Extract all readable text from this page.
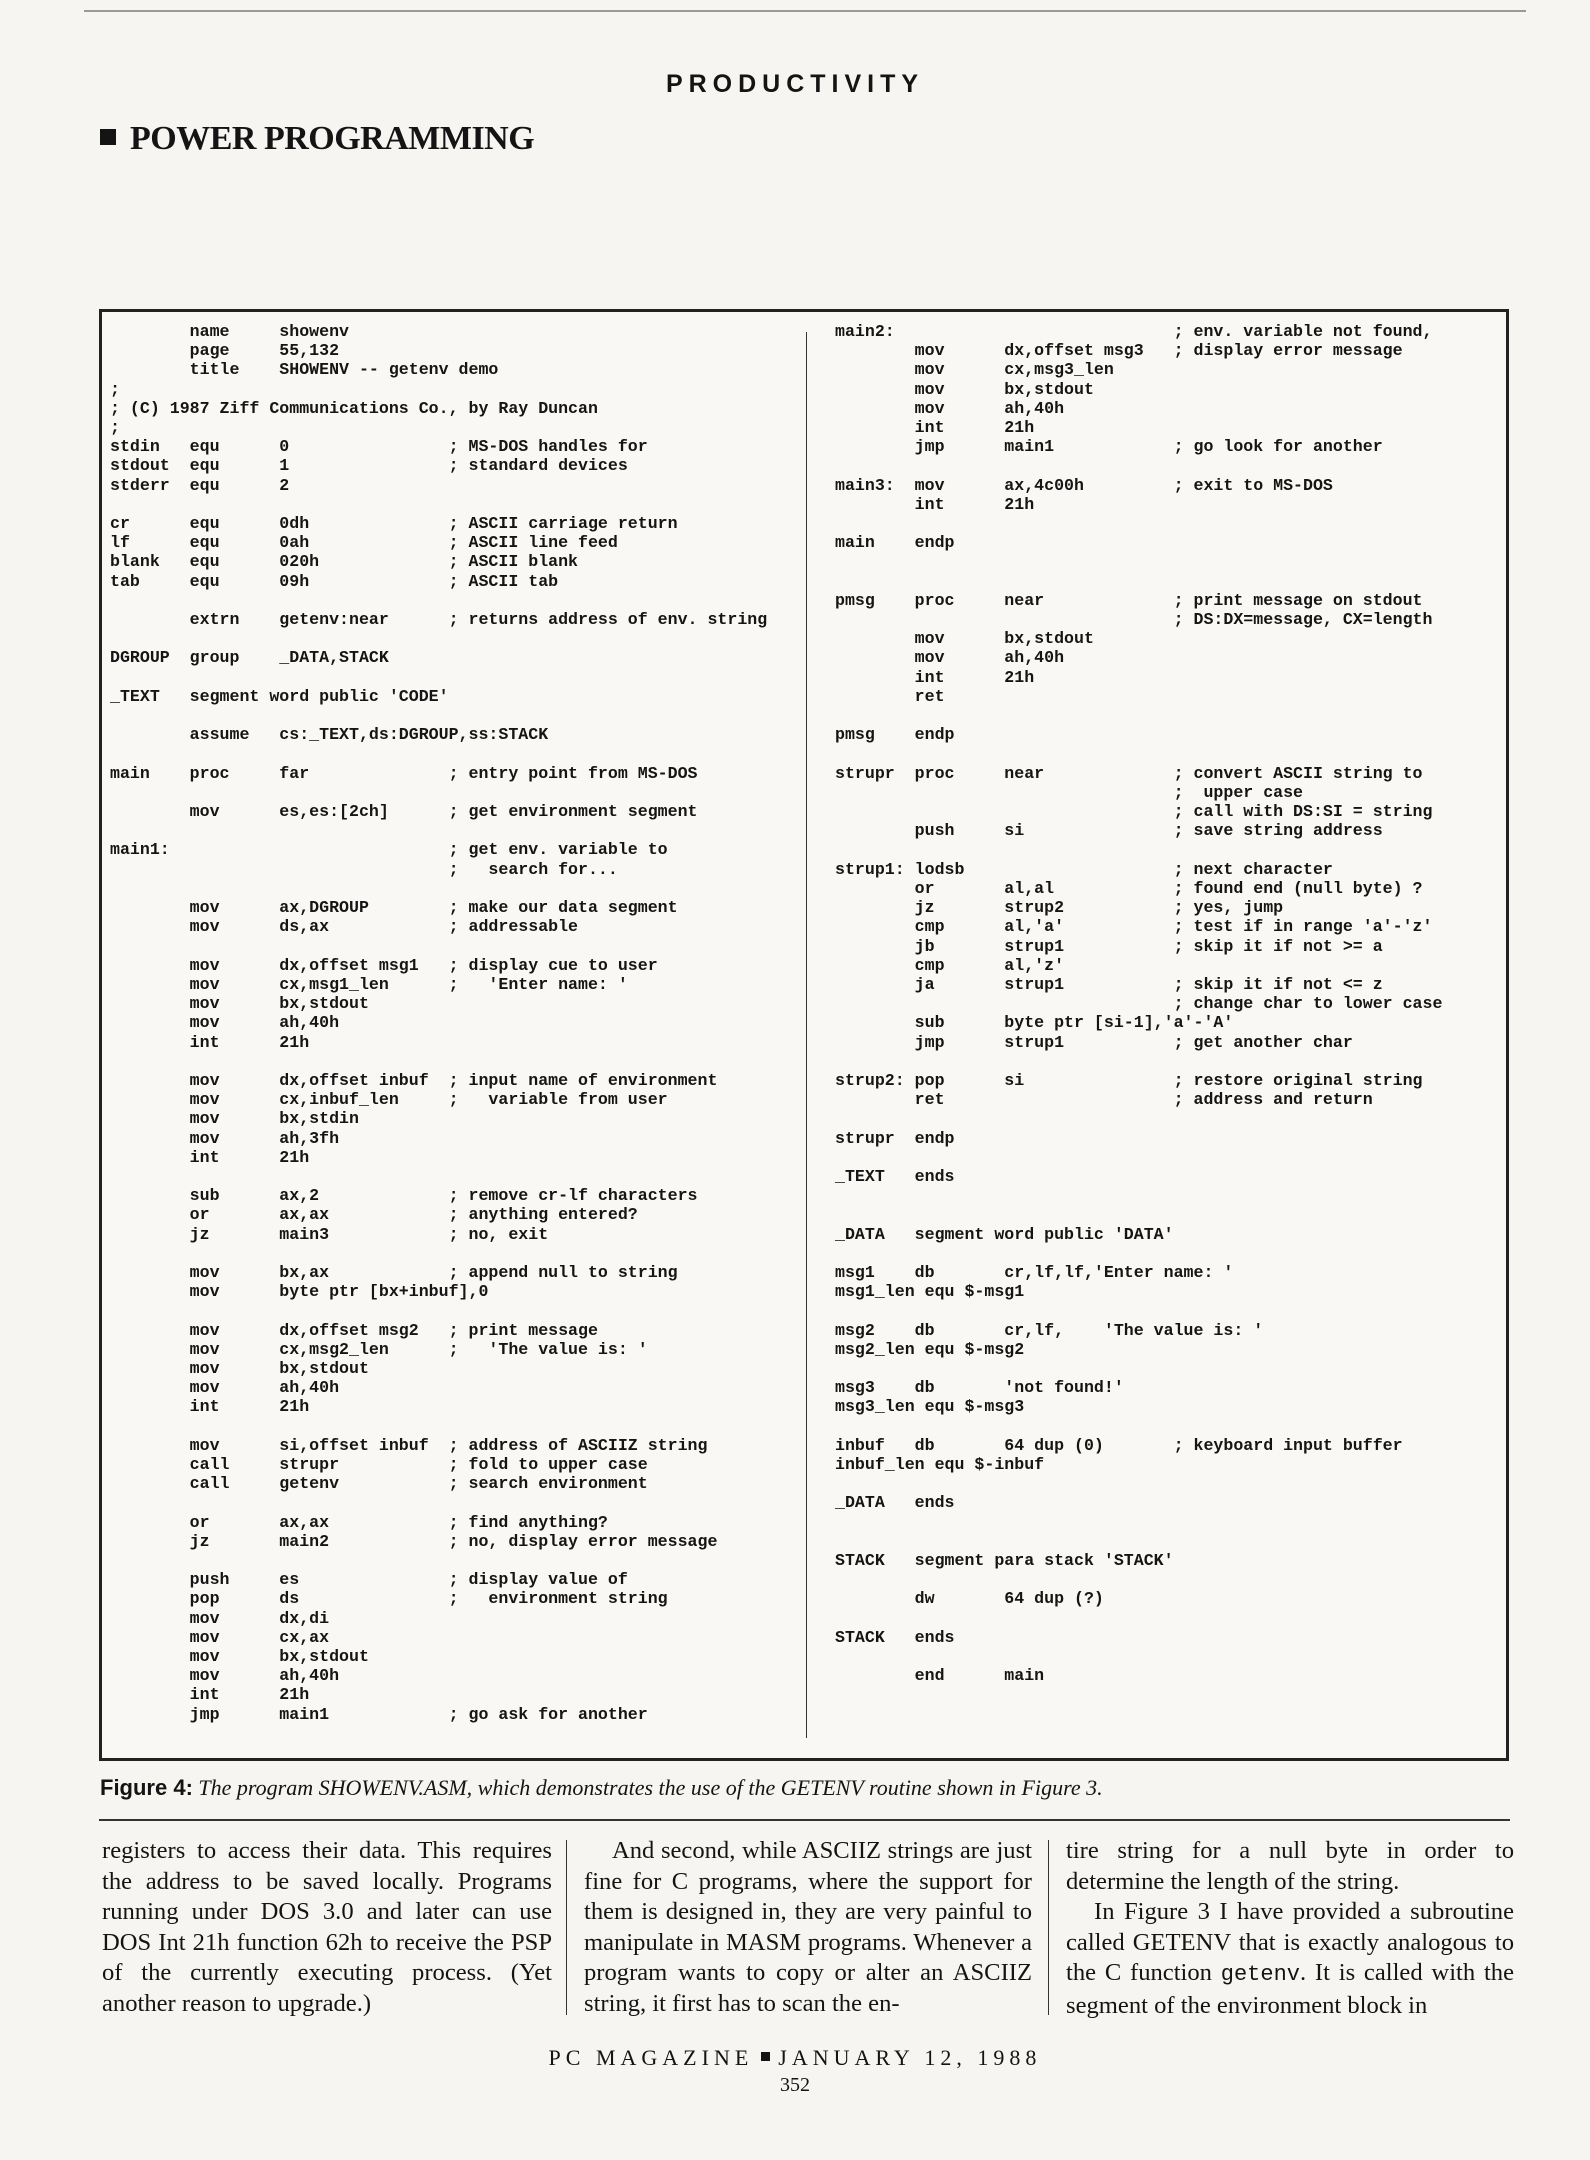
PRODUCTIVITY
POWER PROGRAMMING
name     showenv
page     55,132
title    SHOWENV -- getenv demo
;
; (C) 1987 Ziff Communications Co., by Ray Duncan
;
stdin   equ      0                ; MS-DOS handles for
stdout  equ      1                ; standard devices
stderr  equ      2

cr      equ      0dh              ; ASCII carriage return
lf      equ      0ah              ; ASCII line feed
blank   equ      020h             ; ASCII blank
tab     equ      09h              ; ASCII tab

extrn    getenv:near      ; returns address of env. string

DGROUP  group    _DATA,STACK

_TEXT   segment word public 'CODE'

assume   cs:_TEXT,ds:DGROUP,ss:STACK

main    proc     far              ; entry point from MS-DOS

mov      es,es:[2ch]      ; get environment segment

main1:                            ; get env. variable to
;   search for...

mov      ax,DGROUP        ; make our data segment
mov      ds,ax            ; addressable

mov      dx,offset msg1   ; display cue to user
mov      cx,msg1_len      ;   'Enter name: '
mov      bx,stdout
mov      ah,40h
int      21h

mov      dx,offset inbuf  ; input name of environment
mov      cx,inbuf_len     ;   variable from user
mov      bx,stdin
mov      ah,3fh
int      21h

sub      ax,2             ; remove cr-lf characters
or       ax,ax            ; anything entered?
jz       main3            ; no, exit

mov      bx,ax            ; append null to string
mov      byte ptr [bx+inbuf],0

mov      dx,offset msg2   ; print message
mov      cx,msg2_len      ;   'The value is: '
mov      bx,stdout
mov      ah,40h
int      21h

mov      si,offset inbuf  ; address of ASCIIZ string
call     strupr           ; fold to upper case
call     getenv           ; search environment

or       ax,ax            ; find anything?
jz       main2            ; no, display error message

push     es               ; display value of
pop      ds               ;   environment string
mov      dx,di
mov      cx,ax
mov      bx,stdout
mov      ah,40h
int      21h
jmp      main1            ; go ask for another
main2:                            ; env. variable not found,
mov      dx,offset msg3   ; display error message
mov      cx,msg3_len
mov      bx,stdout
mov      ah,40h
int      21h
jmp      main1            ; go look for another

main3:  mov      ax,4c00h         ; exit to MS-DOS
int      21h

main    endp

pmsg    proc     near             ; print message on stdout
; DS:DX=message, CX=length
mov      bx,stdout
mov      ah,40h
int      21h
ret

pmsg    endp

strupr  proc     near             ; convert ASCII string to
;  upper case
; call with DS:SI = string
push     si               ; save string address

strup1: lodsb                     ; next character
or       al,al            ; found end (null byte) ?
jz       strup2           ; yes, jump
cmp      al,'a'           ; test if in range 'a'-'z'
jb       strup1           ; skip it if not >= a
cmp      al,'z'
ja       strup1           ; skip it if not <= z
; change char to lower case
sub      byte ptr [si-1],'a'-'A'
jmp      strup1           ; get another char

strup2: pop      si               ; restore original string
ret                       ; address and return

strupr  endp

_TEXT   ends

_DATA   segment word public 'DATA'

msg1    db       cr,lf,lf,'Enter name: '
msg1_len equ $-msg1

msg2    db       cr,lf,    'The value is: '
msg2_len equ $-msg2

msg3    db       'not found!'
msg3_len equ $-msg3

inbuf   db       64 dup (0)       ; keyboard input buffer
inbuf_len equ $-inbuf

_DATA   ends

STACK   segment para stack 'STACK'

dw       64 dup (?)

STACK   ends

end      main
Figure 4: The program SHOWENV.ASM, which demonstrates the use of the GETENV routine shown in Figure 3.

registers to access their data. This requires the address to be saved locally. Programs running under DOS 3.0 and later can use DOS Int 21h function 62h to receive the PSP of the currently executing process. (Yet another reason to upgrade.)

And second, while ASCIIZ strings are just fine for C programs, where the support for them is designed in, they are very painful to manipulate in MASM programs. Whenever a program wants to copy or alter an ASCIIZ string, it first has to scan the en-

tire string for a null byte in order to determine the length of the string.

In Figure 3 I have provided a subroutine called GETENV that is exactly analogous to the C function getenv. It is called with the segment of the environment block in

PC MAGAZINE JANUARY 12, 1988
352
